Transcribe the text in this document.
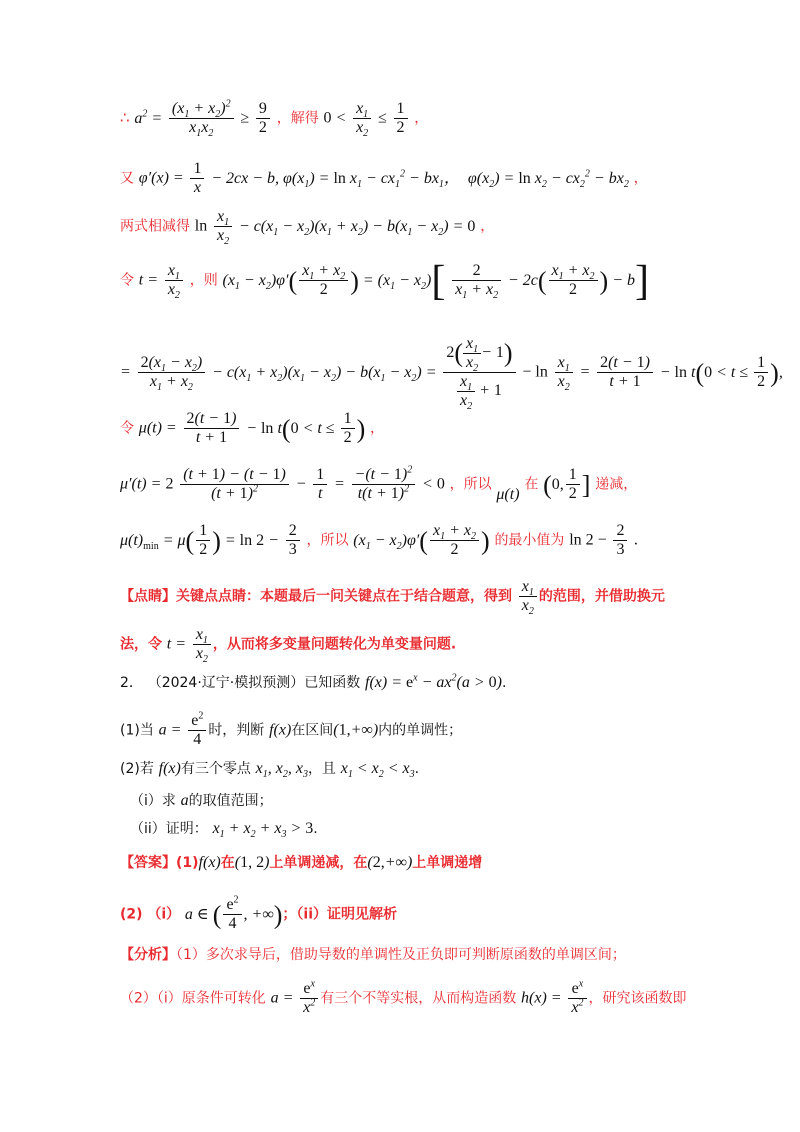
∴ $a^2 = \frac{(x_1 + x_2)^2}{x_1x_2} \ge \frac{9}{2}$ ，解得 $0 < \frac{x_1}{x_2} \le \frac{1}{2}$ ，
又 $\varphi'(x) = \frac{1}{x} - 2cx - b$, $\varphi(x_1) = \ln x_1 - cx_1^2 - bx_1$，  $\varphi(x_2) = \ln x_2 - cx_2^2 - bx_2$ ，
两式相减得 $\ln \frac{x_1}{x_2} - c(x_1 - x_2)(x_1 + x_2) - b(x_1 - x_2) = 0$ ，
令 $t = \frac{x_1}{x_2}$ ，则 $(x_1 - x_2)\varphi'( \frac{x_1 + x_2}{2}$ ) = $(x_1 - x_2)[ \frac{2}{x_1 + x_2} - 2c( \frac{x_1 + x_2}{2}$ ) − b]
= $\frac{2(x_1 - x_2)}{x_1 + x_2} - c(x_1 + x_2)(x_1 - x_2) - b(x_1 - x_2) = \frac{2( \frac{x_1}{x_2} - 1)}{\frac{x_1}{x_2} + 1} - \ln \frac{x_1}{x_2} = \frac{2(t - 1)}{t + 1} - \ln t(0 < t \le \frac{1}{2}$ ),
令 $\mu(t) = \frac{2(t - 1)}{t + 1} - \ln t(0 < t \le \frac{1}{2}$ ) ，
$\mu'(t) = 2 \frac{(t + 1) - (t - 1)}{(t + 1)^2} - \frac{1}{t} = \frac{-(t - 1)^2}{t(t + 1)^2} < 0$ ，所以 μ(t) 在 (0, $\frac{1}{2}$ ] 递减，
$\mu(t)_{min} = \mu( \frac{1}{2}$ ) = $\ln 2 - \frac{2}{3}$ ，所以 $(x_1 - x_2)\varphi'( \frac{x_1 + x_2}{2}$ ) 的最小值为 $\ln 2 - \frac{2}{3}$ .
【点睛】关键点点睛：本题最后一问关键点在于结合题意，得到 $\frac{x_1}{x_2}$ 的范围，并借助换元
法，令 $t = \frac{x_1}{x_2}$ ，从而将多变量问题转化为单变量问题.
2． （2024·辽宁·模拟预测）已知函数 $f(x) = e^x - ax^2(a > 0)$.
(1)当 $a = \frac{e^2}{4}$ 时，判断 f(x)在区间(1,+∞)内的单调性；
(2)若 f(x)有三个零点 $x_1$, $x_2$, $x_3$，且 $x_1 < x_2 < x_3$.
（i）求 a的取值范围；
（ii）证明： $x_1 + x_2 + x_3 > 3$.
【答案】(1)f(x)在(1, 2)上单调递减，在(2,+∞)上单调递增
(2) （i） a ∈ ( $\frac{e^2}{4}$ , +∞)；（ii）证明见解析
【分析】（1）多次求导后，借助导数的单调性及正负即可判断原函数的单调区间；
（2）（i）原条件可转化 $a = \frac{e^x}{x^2}$ 有三个不等实根，从而构造函数 $h(x) = \frac{e^x}{x^2}$ ，研究该函数即
